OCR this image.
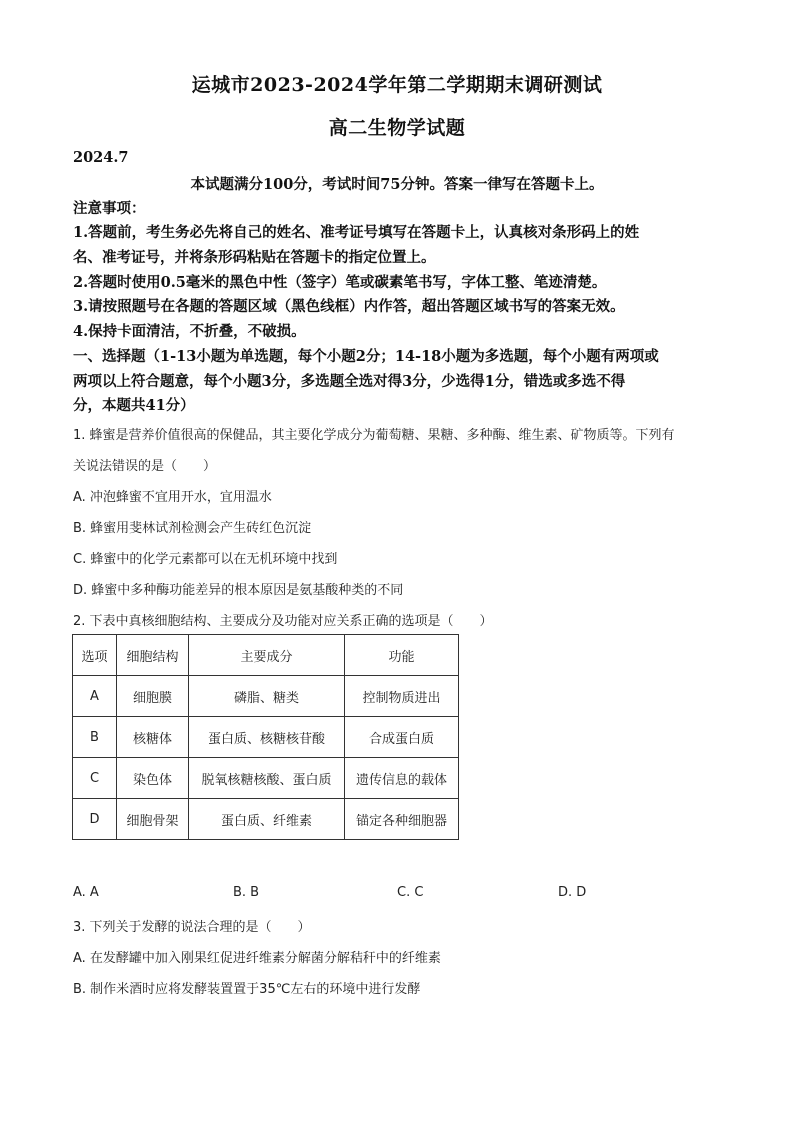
运城市2023-2024学年第二学期期末调研测试
高二生物学试题
2024.7
本试题满分100分，考试时间75分钟。答案一律写在答题卡上。
注意事项：
1.答题前，考生务必先将自己的姓名、准考证号填写在答题卡上，认真核对条形码上的姓
名、准考证号，并将条形码粘贴在答题卡的指定位置上。
2.答题时使用0.5毫米的黑色中性（签字）笔或碳素笔书写，字体工整、笔迹清楚。
3.请按照题号在各题的答题区域（黑色线框）内作答，超出答题区域书写的答案无效。
4.保持卡面清洁，不折叠，不破损。
一、选择题（1-13小题为单选题，每个小题2分；14-18小题为多选题，每个小题有两项或
两项以上符合题意，每个小题3分，多选题全选对得3分，少选得1分，错选或多选不得
分，本题共41分）
1. 蜂蜜是营养价值很高的保健品，其主要化学成分为葡萄糖、果糖、多种酶、维生素、矿物质等。下列有
关说法错误的是（　　）
A. 冲泡蜂蜜不宜用开水，宜用温水
B. 蜂蜜用斐林试剂检测会产生砖红色沉淀
C. 蜂蜜中的化学元素都可以在无机环境中找到
D. 蜂蜜中多种酶功能差异的根本原因是氨基酸种类的不同
2. 下表中真核细胞结构、主要成分及功能对应关系正确的选项是（　　）
选项	细胞结构	主要成分	功能
A	细胞膜	磷脂、糖类	控制物质进出
B	核糖体	蛋白质、核糖核苷酸	合成蛋白质
C	染色体	脱氧核糖核酸、蛋白质	遗传信息的载体
D	细胞骨架	蛋白质、纤维素	锚定各种细胞器
A. A	B. B	C. C	D. D
3. 下列关于发酵的说法合理的是（　　）
A. 在发酵罐中加入刚果红促进纤维素分解菌分解秸秆中的纤维素
B. 制作米酒时应将发酵装置置于35℃左右的环境中进行发酵
